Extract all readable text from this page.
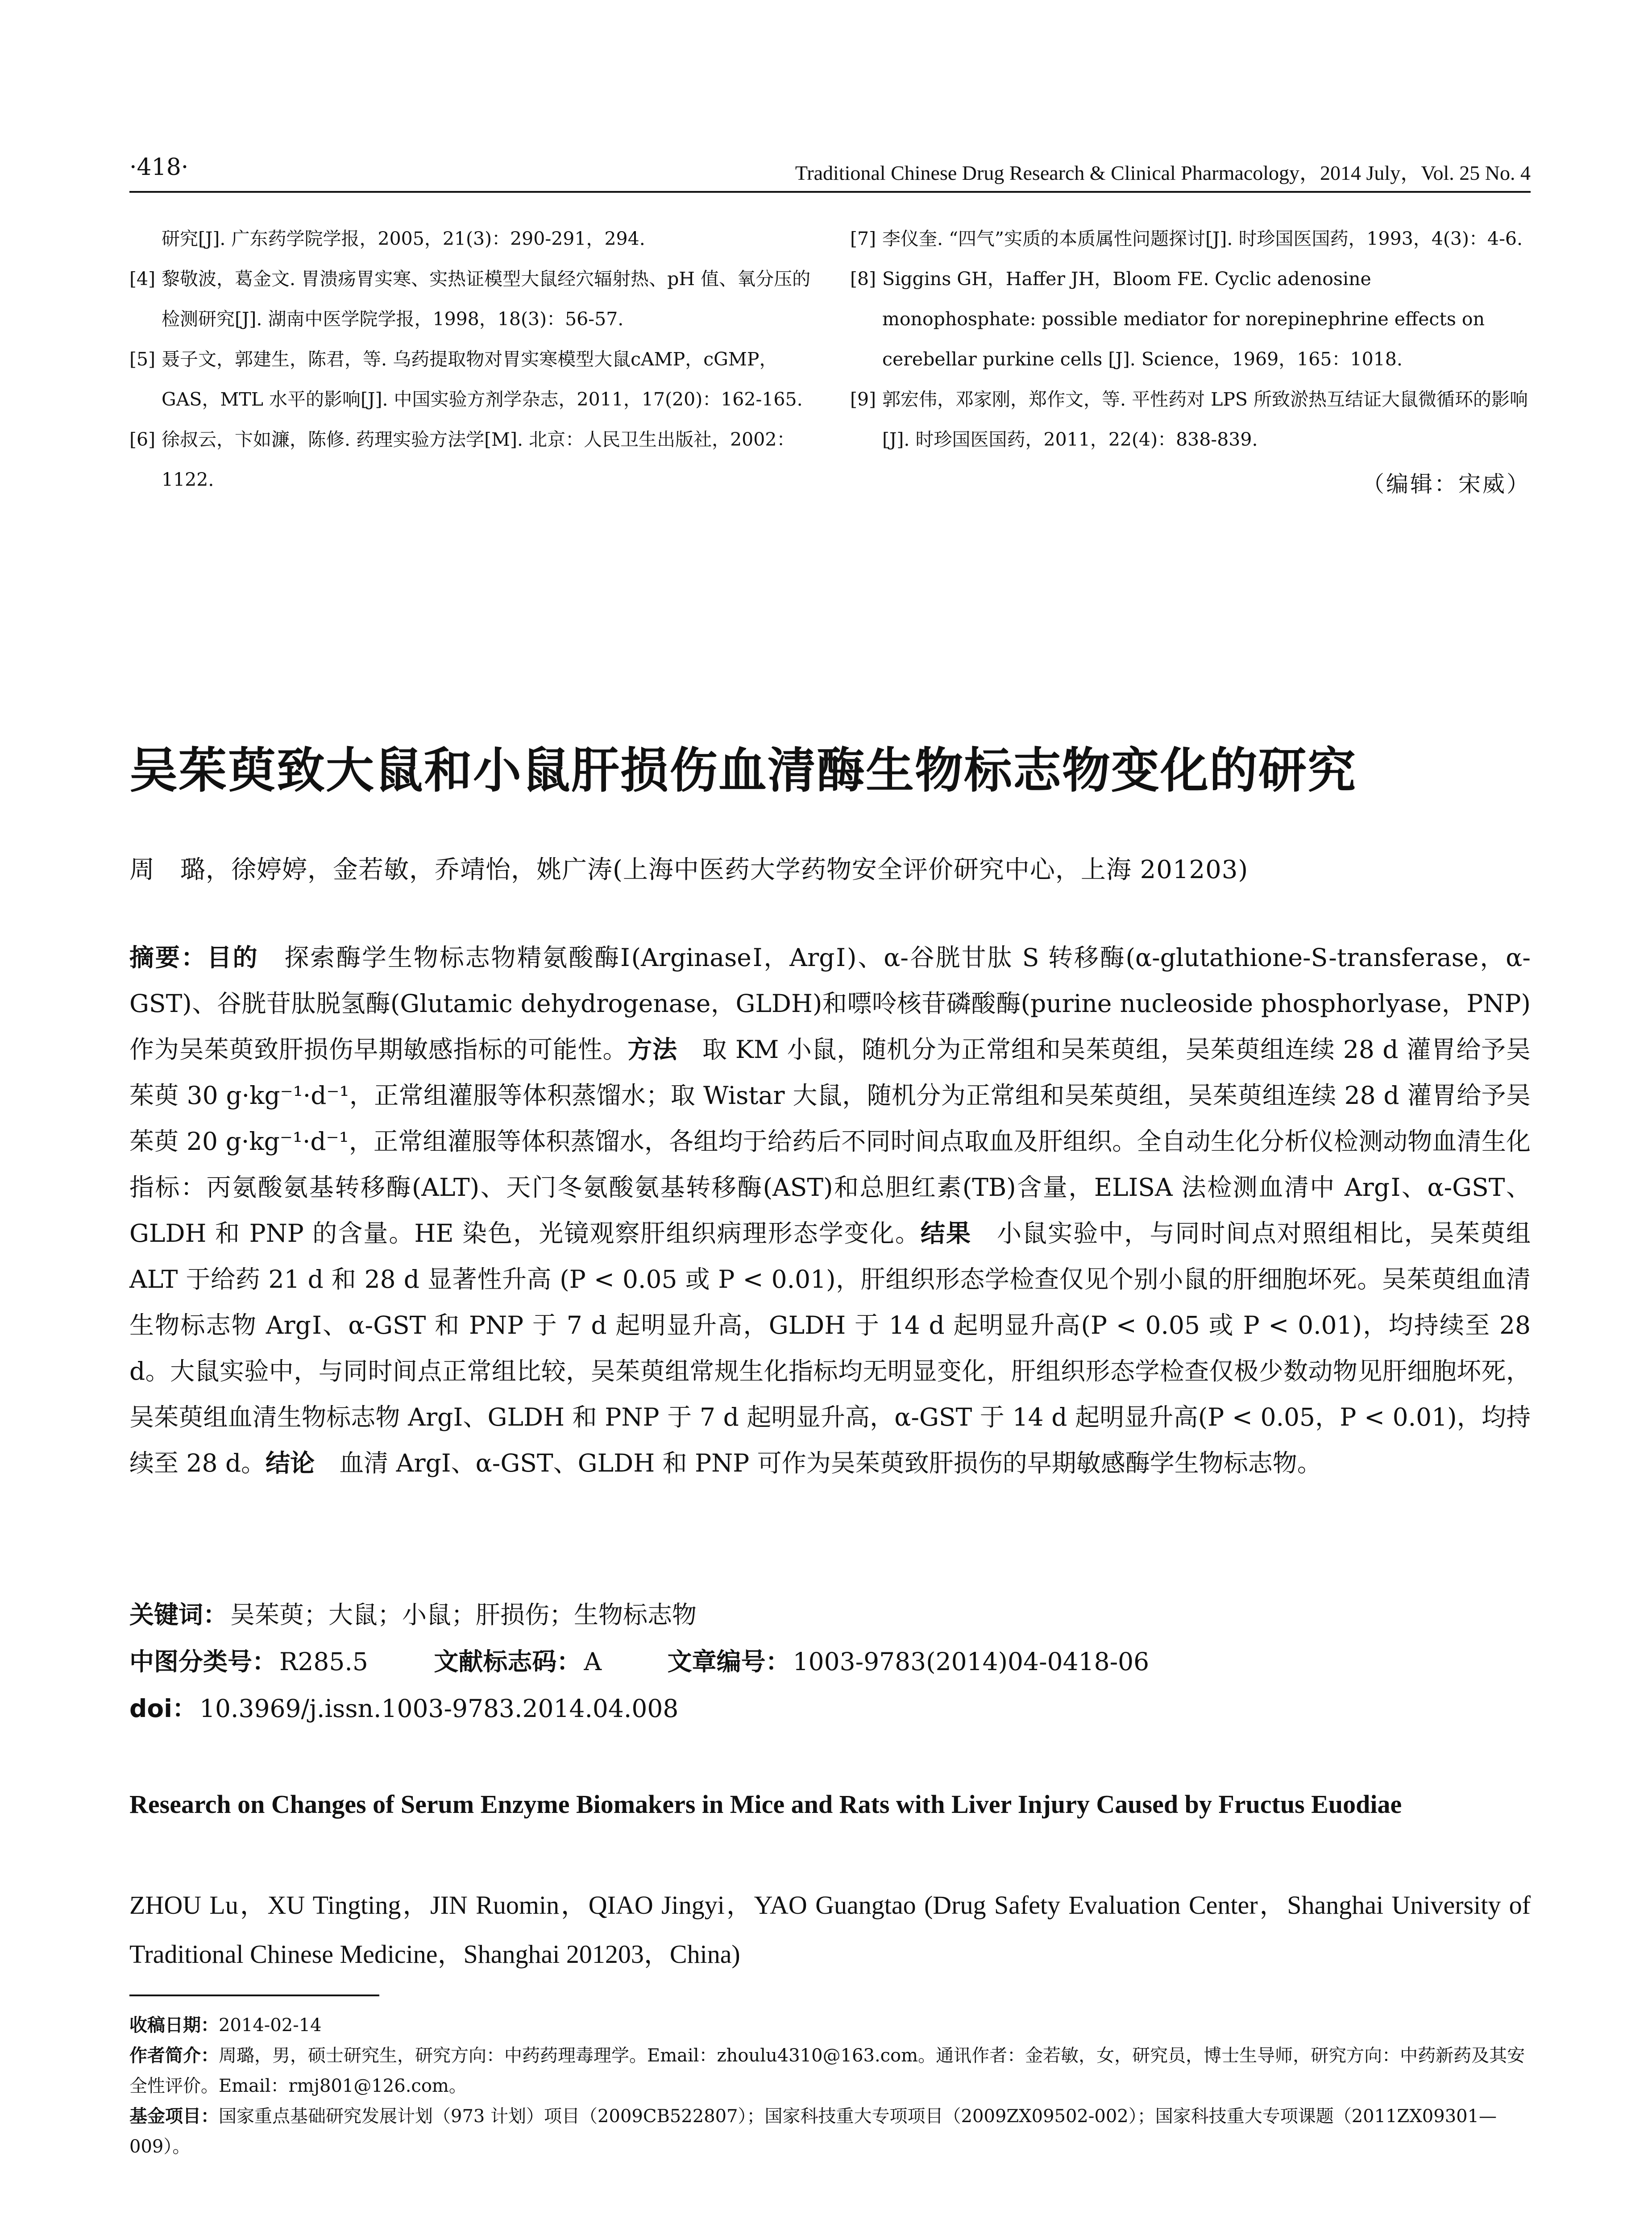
·418·	Traditional Chinese Drug Research & Clinical Pharmacology，2014 July，Vol. 25 No. 4

研究[J]. 广东药学院学报，2005，21(3)：290-291，294.

[4] 黎敬波，葛金文. 胃溃疡胃实寒、实热证模型大鼠经穴辐射热、pH 值、氧分压的检测研究[J]. 湖南中医学院学报，1998，18(3)：56-57.

[5] 聂子文，郭建生，陈君，等. 乌药提取物对胃实寒模型大鼠cAMP，cGMP，GAS，MTL 水平的影响[J]. 中国实验方剂学杂志，2011，17(20)：162-165.

[6] 徐叔云，卞如濂，陈修. 药理实验方法学[M]. 北京：人民卫生出版社，2002：1122.

[7] 李仪奎. “四气”实质的本质属性问题探讨[J]. 时珍国医国药，1993，4(3)：4-6.

[8] Siggins GH，Haffer JH，Bloom FE. Cyclic adenosine monophosphate: possible mediator for norepinephrine effects on cerebellar purkine cells [J]. Science，1969，165：1018.

[9] 郭宏伟，邓家刚，郑作文，等. 平性药对 LPS 所致淤热互结证大鼠微循环的影响[J]. 时珍国医国药，2011，22(4)：838-839.

（编辑：宋威）
吴茱萸致大鼠和小鼠肝损伤血清酶生物标志物变化的研究
周　璐，徐婷婷，金若敏，乔靖怡，姚广涛(上海中医药大学药物安全评价研究中心，上海 201203)

摘要：目的　探索酶学生物标志物精氨酸酶Ⅰ(ArginaseⅠ，ArgⅠ)、α-谷胱甘肽 S 转移酶(α-glutathione-S-transferase，α-GST)、谷胱苷肽脱氢酶(Glutamic dehydrogenase，GLDH)和嘌呤核苷磷酸酶(purine nucleoside phosphorlyase，PNP) 作为吴茱萸致肝损伤早期敏感指标的可能性。方法　取 KM 小鼠，随机分为正常组和吴茱萸组，吴茱萸组连续 28 d 灌胃给予吴茱萸 30 g·kg⁻¹·d⁻¹，正常组灌服等体积蒸馏水；取 Wistar 大鼠，随机分为正常组和吴茱萸组，吴茱萸组连续 28 d 灌胃给予吴茱萸 20 g·kg⁻¹·d⁻¹，正常组灌服等体积蒸馏水，各组均于给药后不同时间点取血及肝组织。全自动生化分析仪检测动物血清生化指标：丙氨酸氨基转移酶(ALT)、天门冬氨酸氨基转移酶(AST)和总胆红素(TB)含量，ELISA 法检测血清中 ArgⅠ、α-GST、GLDH 和 PNP 的含量。HE 染色，光镜观察肝组织病理形态学变化。结果　小鼠实验中，与同时间点对照组相比，吴茱萸组 ALT 于给药 21 d 和 28 d 显著性升高 (P < 0.05 或 P < 0.01)，肝组织形态学检查仅见个别小鼠的肝细胞坏死。吴茱萸组血清生物标志物 ArgⅠ、α-GST 和 PNP 于 7 d 起明显升高，GLDH 于 14 d 起明显升高(P < 0.05 或 P < 0.01)，均持续至 28 d。大鼠实验中，与同时间点正常组比较，吴茱萸组常规生化指标均无明显变化，肝组织形态学检查仅极少数动物见肝细胞坏死，吴茱萸组血清生物标志物 ArgⅠ、GLDH 和 PNP 于 7 d 起明显升高，α-GST 于 14 d 起明显升高(P < 0.05，P < 0.01)，均持续至 28 d。结论　血清 ArgⅠ、α-GST、GLDH 和 PNP 可作为吴茱萸致肝损伤的早期敏感酶学生物标志物。

关键词： 吴茱萸；大鼠；小鼠；肝损伤；生物标志物
中图分类号： R285.5	文献标志码： A	文章编号： 1003-9783(2014)04-0418-06
doi： 10.3969/j.issn.1003-9783.2014.04.008

Research on Changes of Serum Enzyme Biomakers in Mice and Rats with Liver Injury Caused by Fructus Euodiae

ZHOU Lu，XU Tingting，JIN Ruomin，QIAO Jingyi，YAO Guangtao (Drug Safety Evaluation Center，Shanghai University of Traditional Chinese Medicine，Shanghai 201203，China)

收稿日期：2014-02-14

作者简介：周璐，男，硕士研究生，研究方向：中药药理毒理学。Email：zhoulu4310@163.com。通讯作者：金若敏，女，研究员，博士生导师，研究方向：中药新药及其安全性评价。Email：rmj801@126.com。

基金项目：国家重点基础研究发展计划（973 计划）项目（2009CB522807）；国家科技重大专项项目（2009ZX09502-002）；国家科技重大专项课题（2011ZX09301—009）。
